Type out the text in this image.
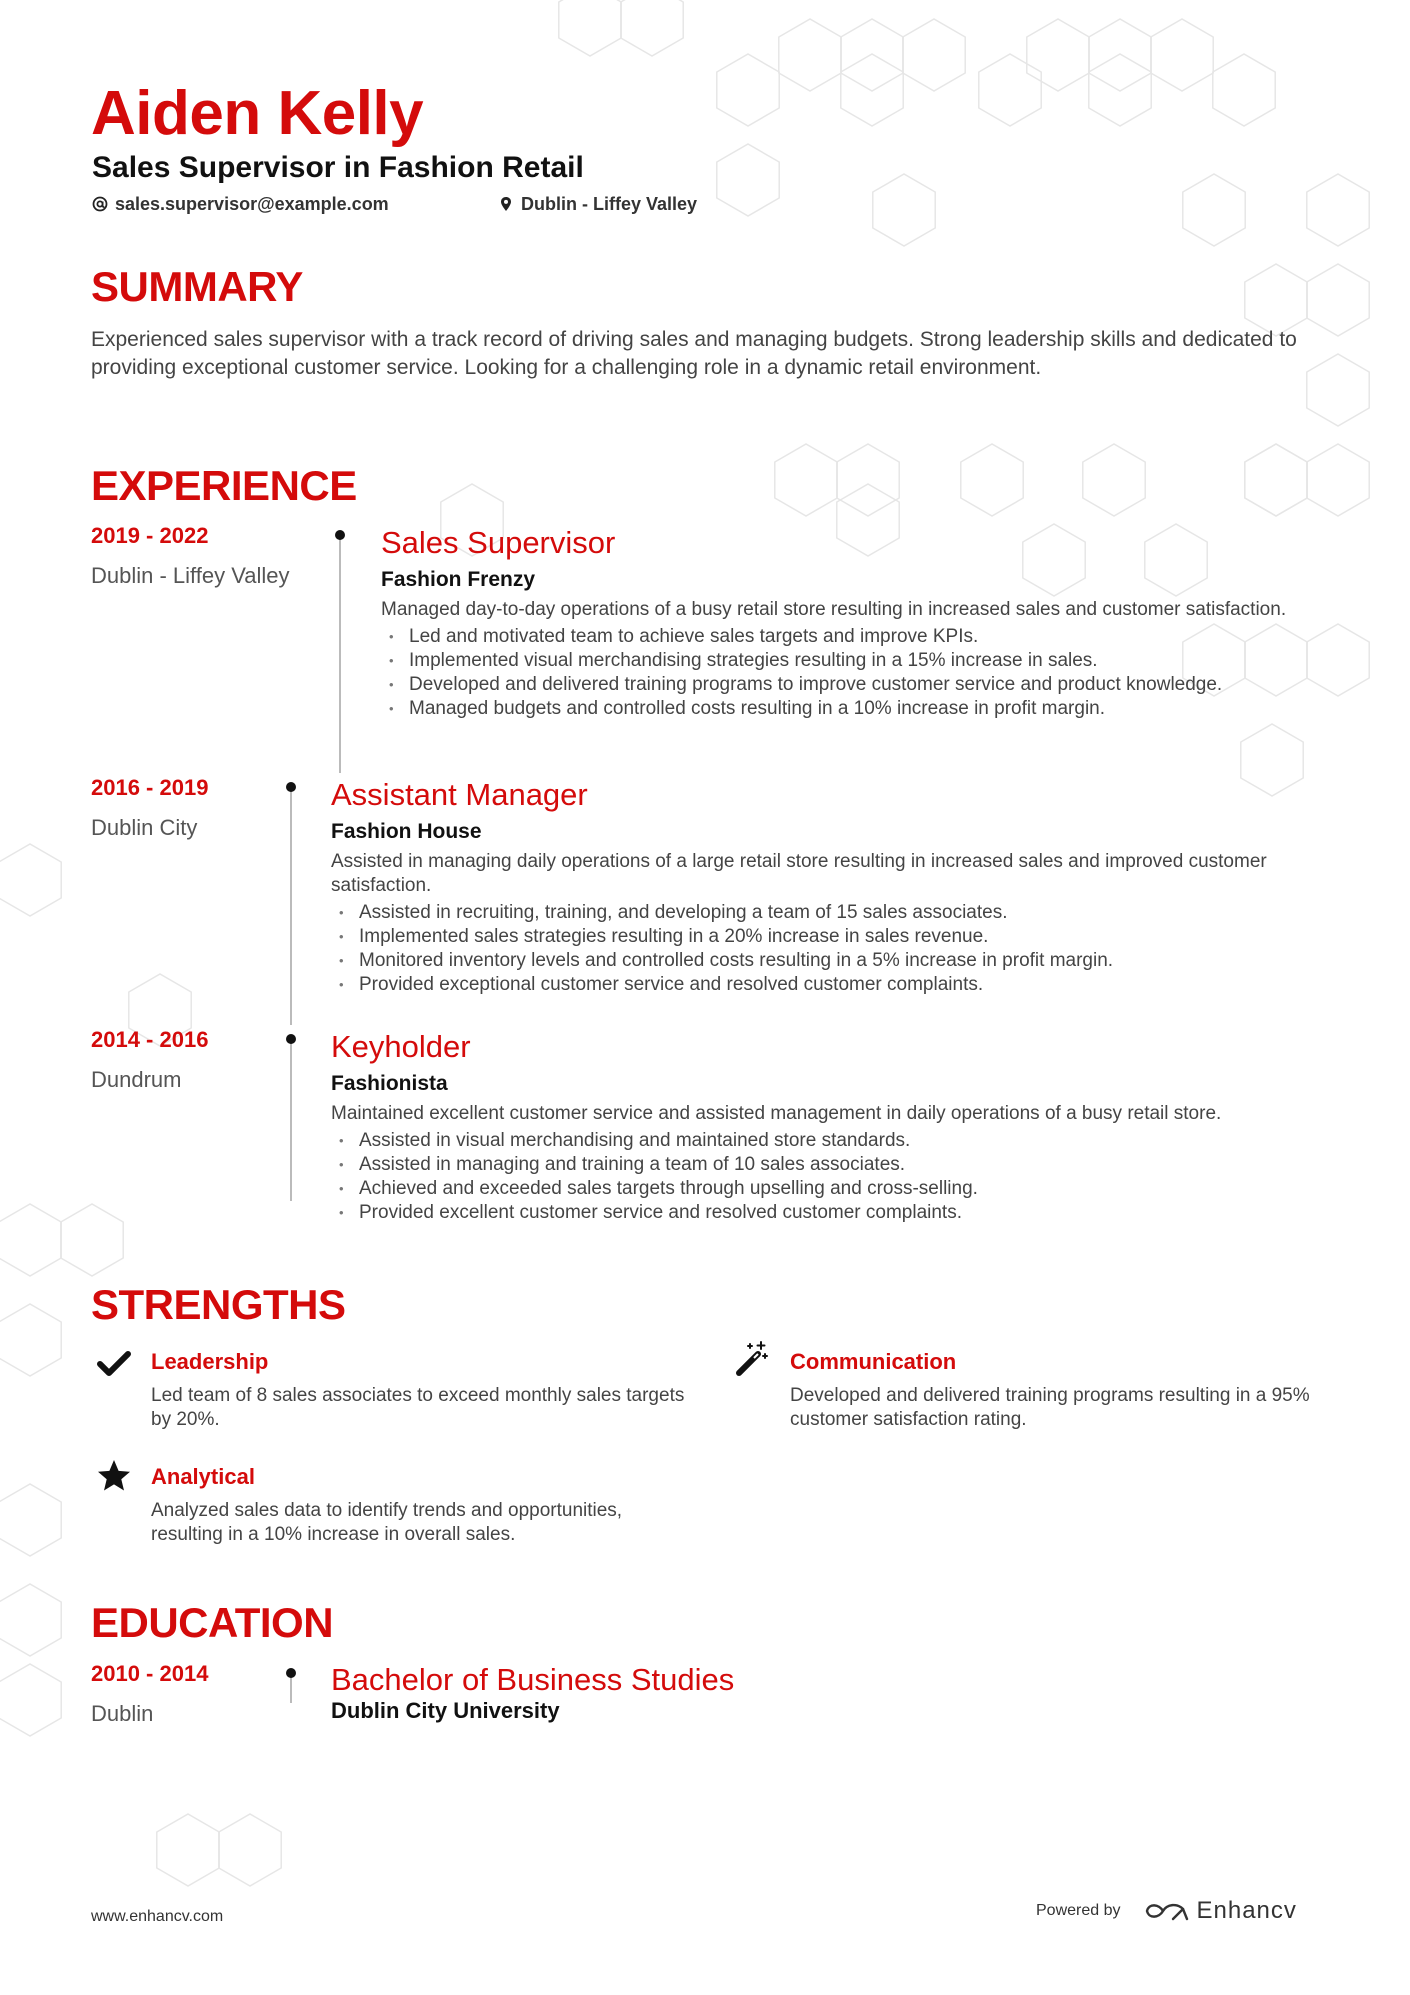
Aiden Kelly
Sales Supervisor in Fashion Retail
sales.supervisor@example.com	Dublin - Liffey Valley
SUMMARY
Experienced sales supervisor with a track record of driving sales and managing budgets. Strong leadership skills and dedicated to providing exceptional customer service. Looking for a challenging role in a dynamic retail environment.
EXPERIENCE
2019 - 2022
Dublin - Liffey Valley
Sales Supervisor
Fashion Frenzy
Managed day-to-day operations of a busy retail store resulting in increased sales and customer satisfaction.
• Led and motivated team to achieve sales targets and improve KPIs.
• Implemented visual merchandising strategies resulting in a 15% increase in sales.
• Developed and delivered training programs to improve customer service and product knowledge.
• Managed budgets and controlled costs resulting in a 10% increase in profit margin.
2016 - 2019
Dublin City
Assistant Manager
Fashion House
Assisted in managing daily operations of a large retail store resulting in increased sales and improved customer satisfaction.
• Assisted in recruiting, training, and developing a team of 15 sales associates.
• Implemented sales strategies resulting in a 20% increase in sales revenue.
• Monitored inventory levels and controlled costs resulting in a 5% increase in profit margin.
• Provided exceptional customer service and resolved customer complaints.
2014 - 2016
Dundrum
Keyholder
Fashionista
Maintained excellent customer service and assisted management in daily operations of a busy retail store.
• Assisted in visual merchandising and maintained store standards.
• Assisted in managing and training a team of 10 sales associates.
• Achieved and exceeded sales targets through upselling and cross-selling.
• Provided excellent customer service and resolved customer complaints.
STRENGTHS
Leadership
Led team of 8 sales associates to exceed monthly sales targets by 20%.
Communication
Developed and delivered training programs resulting in a 95% customer satisfaction rating.
Analytical
Analyzed sales data to identify trends and opportunities, resulting in a 10% increase in overall sales.
EDUCATION
2010 - 2014
Dublin
Bachelor of Business Studies
Dublin City University
www.enhancv.com	Powered by	Enhancv
